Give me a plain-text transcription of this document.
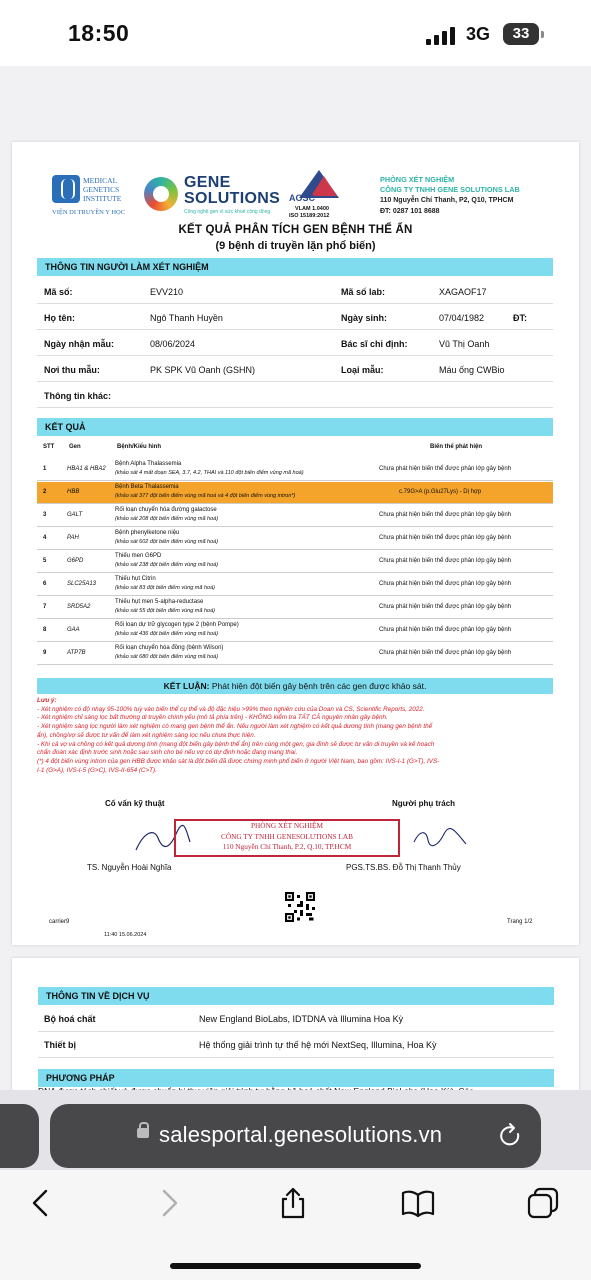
18:50	3G	33
MEDICAL GENETICS INSTITUTE
VIỆN DI TRUYỀN Y HỌC
GENE SOLUTIONS
Công nghệ gen vì sức khoẻ cộng đồng
AOSC
VLAM 1.0400
ISO 15189:2012
PHÒNG XÉT NGHIỆM
CÔNG TY TNHH GENE SOLUTIONS LAB
110 Nguyễn Chí Thanh, P2, Q10, TPHCM
ĐT: 0287 101 8688
KẾT QUẢ PHÂN TÍCH GEN BỆNH THỂ ẨN
(9 bệnh di truyền lặn phổ biến)
THÔNG TIN NGƯỜI LÀM XÉT NGHIỆM
Mã số:	EVV210	Mã số lab:	XAGAOF17
Họ tên:	Ngô Thanh Huyền	Ngày sinh:	07/04/1982	ĐT:
Ngày nhận mẫu:	08/06/2024	Bác sĩ chỉ định:	Vũ Thị Oanh
Nơi thu mẫu:	PK SPK Vũ Oanh (GSHN)	Loại mẫu:	Máu ống CWBio
Thông tin khác:
KẾT QUẢ
STT Gen	Bệnh/Kiểu hình	Biến thể phát hiện
1	HBA1 & HBA2
Bệnh Alpha Thalassemia
(khảo sát 4 mất đoạn SEA, 3.7, 4.2, THAI và 110 đột biến điểm vùng mã hoá)
Chưa phát hiện biến thể được phân lớp gây bệnh
2	HBB
Bệnh Beta Thalassemia
(khảo sát 377 đột biến điểm vùng mã hoá và 4 đột biến điểm vùng intron*)
c.79G>A (p.Glu27Lys) - Dị hợp
3	GALT
Rối loạn chuyển hóa đường galactose
(khảo sát 208 đột biến điểm vùng mã hoá)
Chưa phát hiện biến thể được phân lớp gây bệnh
4	PAH
Bệnh phenylketone niệu
(khảo sát 602 đột biến điểm vùng mã hoá)
Chưa phát hiện biến thể được phân lớp gây bệnh
5	G6PD
Thiếu men G6PD
(khảo sát 238 đột biến điểm vùng mã hoá)
Chưa phát hiện biến thể được phân lớp gây bệnh
6	SLC25A13
Thiếu hụt Citrin
(khảo sát 83 đột biến điểm vùng mã hoá)
Chưa phát hiện biến thể được phân lớp gây bệnh
7	SRD5A2
Thiếu hụt men 5-alpha-reductase
(khảo sát 55 đột biến điểm vùng mã hoá)
Chưa phát hiện biến thể được phân lớp gây bệnh
8	GAA
Rối loạn dự trữ glycogen type 2 (bệnh Pompe)
(khảo sát 436 đột biến điểm vùng mã hoá)
Chưa phát hiện biến thể được phân lớp gây bệnh
9	ATP7B
Rối loạn chuyển hóa đồng (bệnh Wilson)
(khảo sát 680 đột biến điểm vùng mã hoá)
Chưa phát hiện biến thể được phân lớp gây bệnh
KẾT LUẬN: Phát hiện đột biến gây bệnh trên các gen được khảo sát.
Lưu ý:
- Xét nghiệm có độ nhạy 95-100% tuỳ vào biến thể cụ thể và độ đặc hiệu >99% theo nghiên cứu của Doan và CS, Scientific Reports, 2022.
- Xét nghiệm chỉ sàng lọc bất thường di truyền chính yếu (mô tả phía trên) - KHÔNG kiểm tra TẤT CẢ nguyên nhân gây bệnh.
- Xét nghiệm sàng lọc người làm xét nghiệm có mang gen bệnh thể ẩn. Nếu người làm xét nghiệm có kết quả dương tính (mang gen bệnh thể
ẩn), chồng/vợ sẽ được tư vấn để làm xét nghiệm sàng lọc nếu chưa thực hiện.
- Khi cả vợ và chồng có kết quả dương tính (mang đột biến gây bệnh thể ẩn) trên cùng một gen, gia đình sẽ được tư vấn di truyền và kế hoạch
chẩn đoán xác định trước sinh hoặc sau sinh cho bé nếu vợ có dự định hoặc đang mang thai.
(*) 4 đột biến vùng intron của gen HBB được khảo sát là đột biến đã được chứng minh phổ biến ở người Việt Nam, bao gồm: IVS-I-1 (G>T), IVS-
I-1 (G>A), IVS-I-5 (G>C), IVS-II-654 (C>T).
Cố vấn kỹ thuật	Người phụ trách
PHÒNG XÉT NGHIỆM
CÔNG TY TNHH GENESOLUTIONS LAB
110 Nguyễn Chí Thanh, P.2, Q.10, TP.HCM
TS. Nguyễn Hoài Nghĩa	PGS.TS.BS. Đỗ Thị Thanh Thủy
carrier9
11:40 15.06.2024
Trang 1/2
THÔNG TIN VỀ DỊCH VỤ
Bộ hoá chất	New England BioLabs, IDTDNA và Illumina Hoa Kỳ
Thiết bị	Hệ thống giải trình tự thế hệ mới NextSeq, Illumina, Hoa Kỳ
PHƯƠNG PHÁP
salesportal.genesolutions.vn
